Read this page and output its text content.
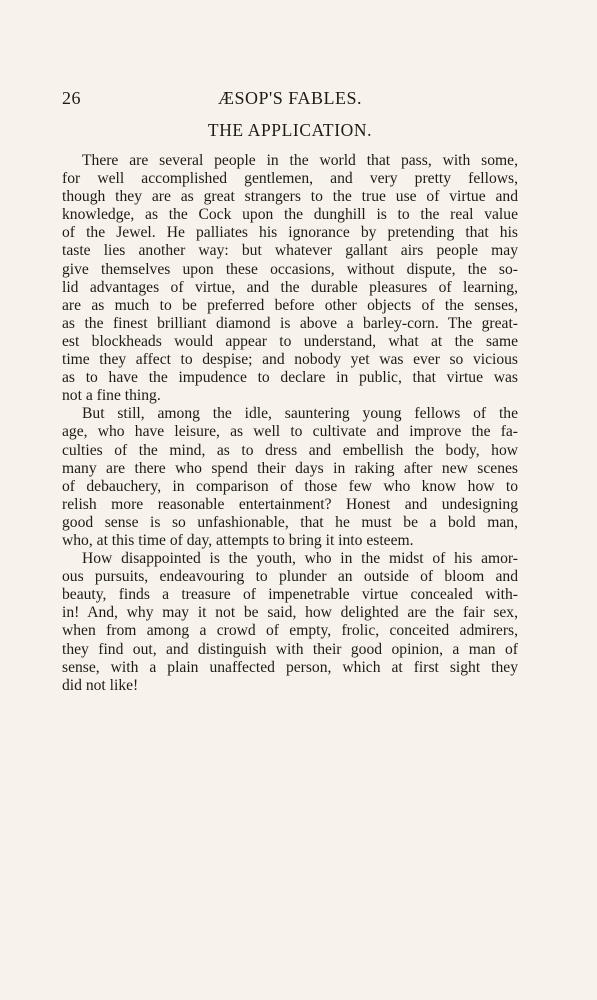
26	ÆSOP'S FABLES.
THE APPLICATION.
There are several people in the world that pass, with some,
for well accomplished gentlemen, and very pretty fellows,
though they are as great strangers to the true use of virtue and
knowledge, as the Cock upon the dunghill is to the real value
of the Jewel. He palliates his ignorance by pretending that his
taste lies another way: but whatever gallant airs people may
give themselves upon these occasions, without dispute, the so-
lid advantages of virtue, and the durable pleasures of learning,
are as much to be preferred before other objects of the senses,
as the finest brilliant diamond is above a barley-corn. The great-
est blockheads would appear to understand, what at the same
time they affect to despise; and nobody yet was ever so vicious
as to have the impudence to declare in public, that virtue was
not a fine thing.
But still, among the idle, sauntering young fellows of the
age, who have leisure, as well to cultivate and improve the fa-
culties of the mind, as to dress and embellish the body, how
many are there who spend their days in raking after new scenes
of debauchery, in comparison of those few who know how to
relish more reasonable entertainment? Honest and undesigning
good sense is so unfashionable, that he must be a bold man,
who, at this time of day, attempts to bring it into esteem.
How disappointed is the youth, who in the midst of his amor-
ous pursuits, endeavouring to plunder an outside of bloom and
beauty, finds a treasure of impenetrable virtue concealed with-
in! And, why may it not be said, how delighted are the fair sex,
when from among a crowd of empty, frolic, conceited admirers,
they find out, and distinguish with their good opinion, a man of
sense, with a plain unaffected person, which at first sight they
did not like!
